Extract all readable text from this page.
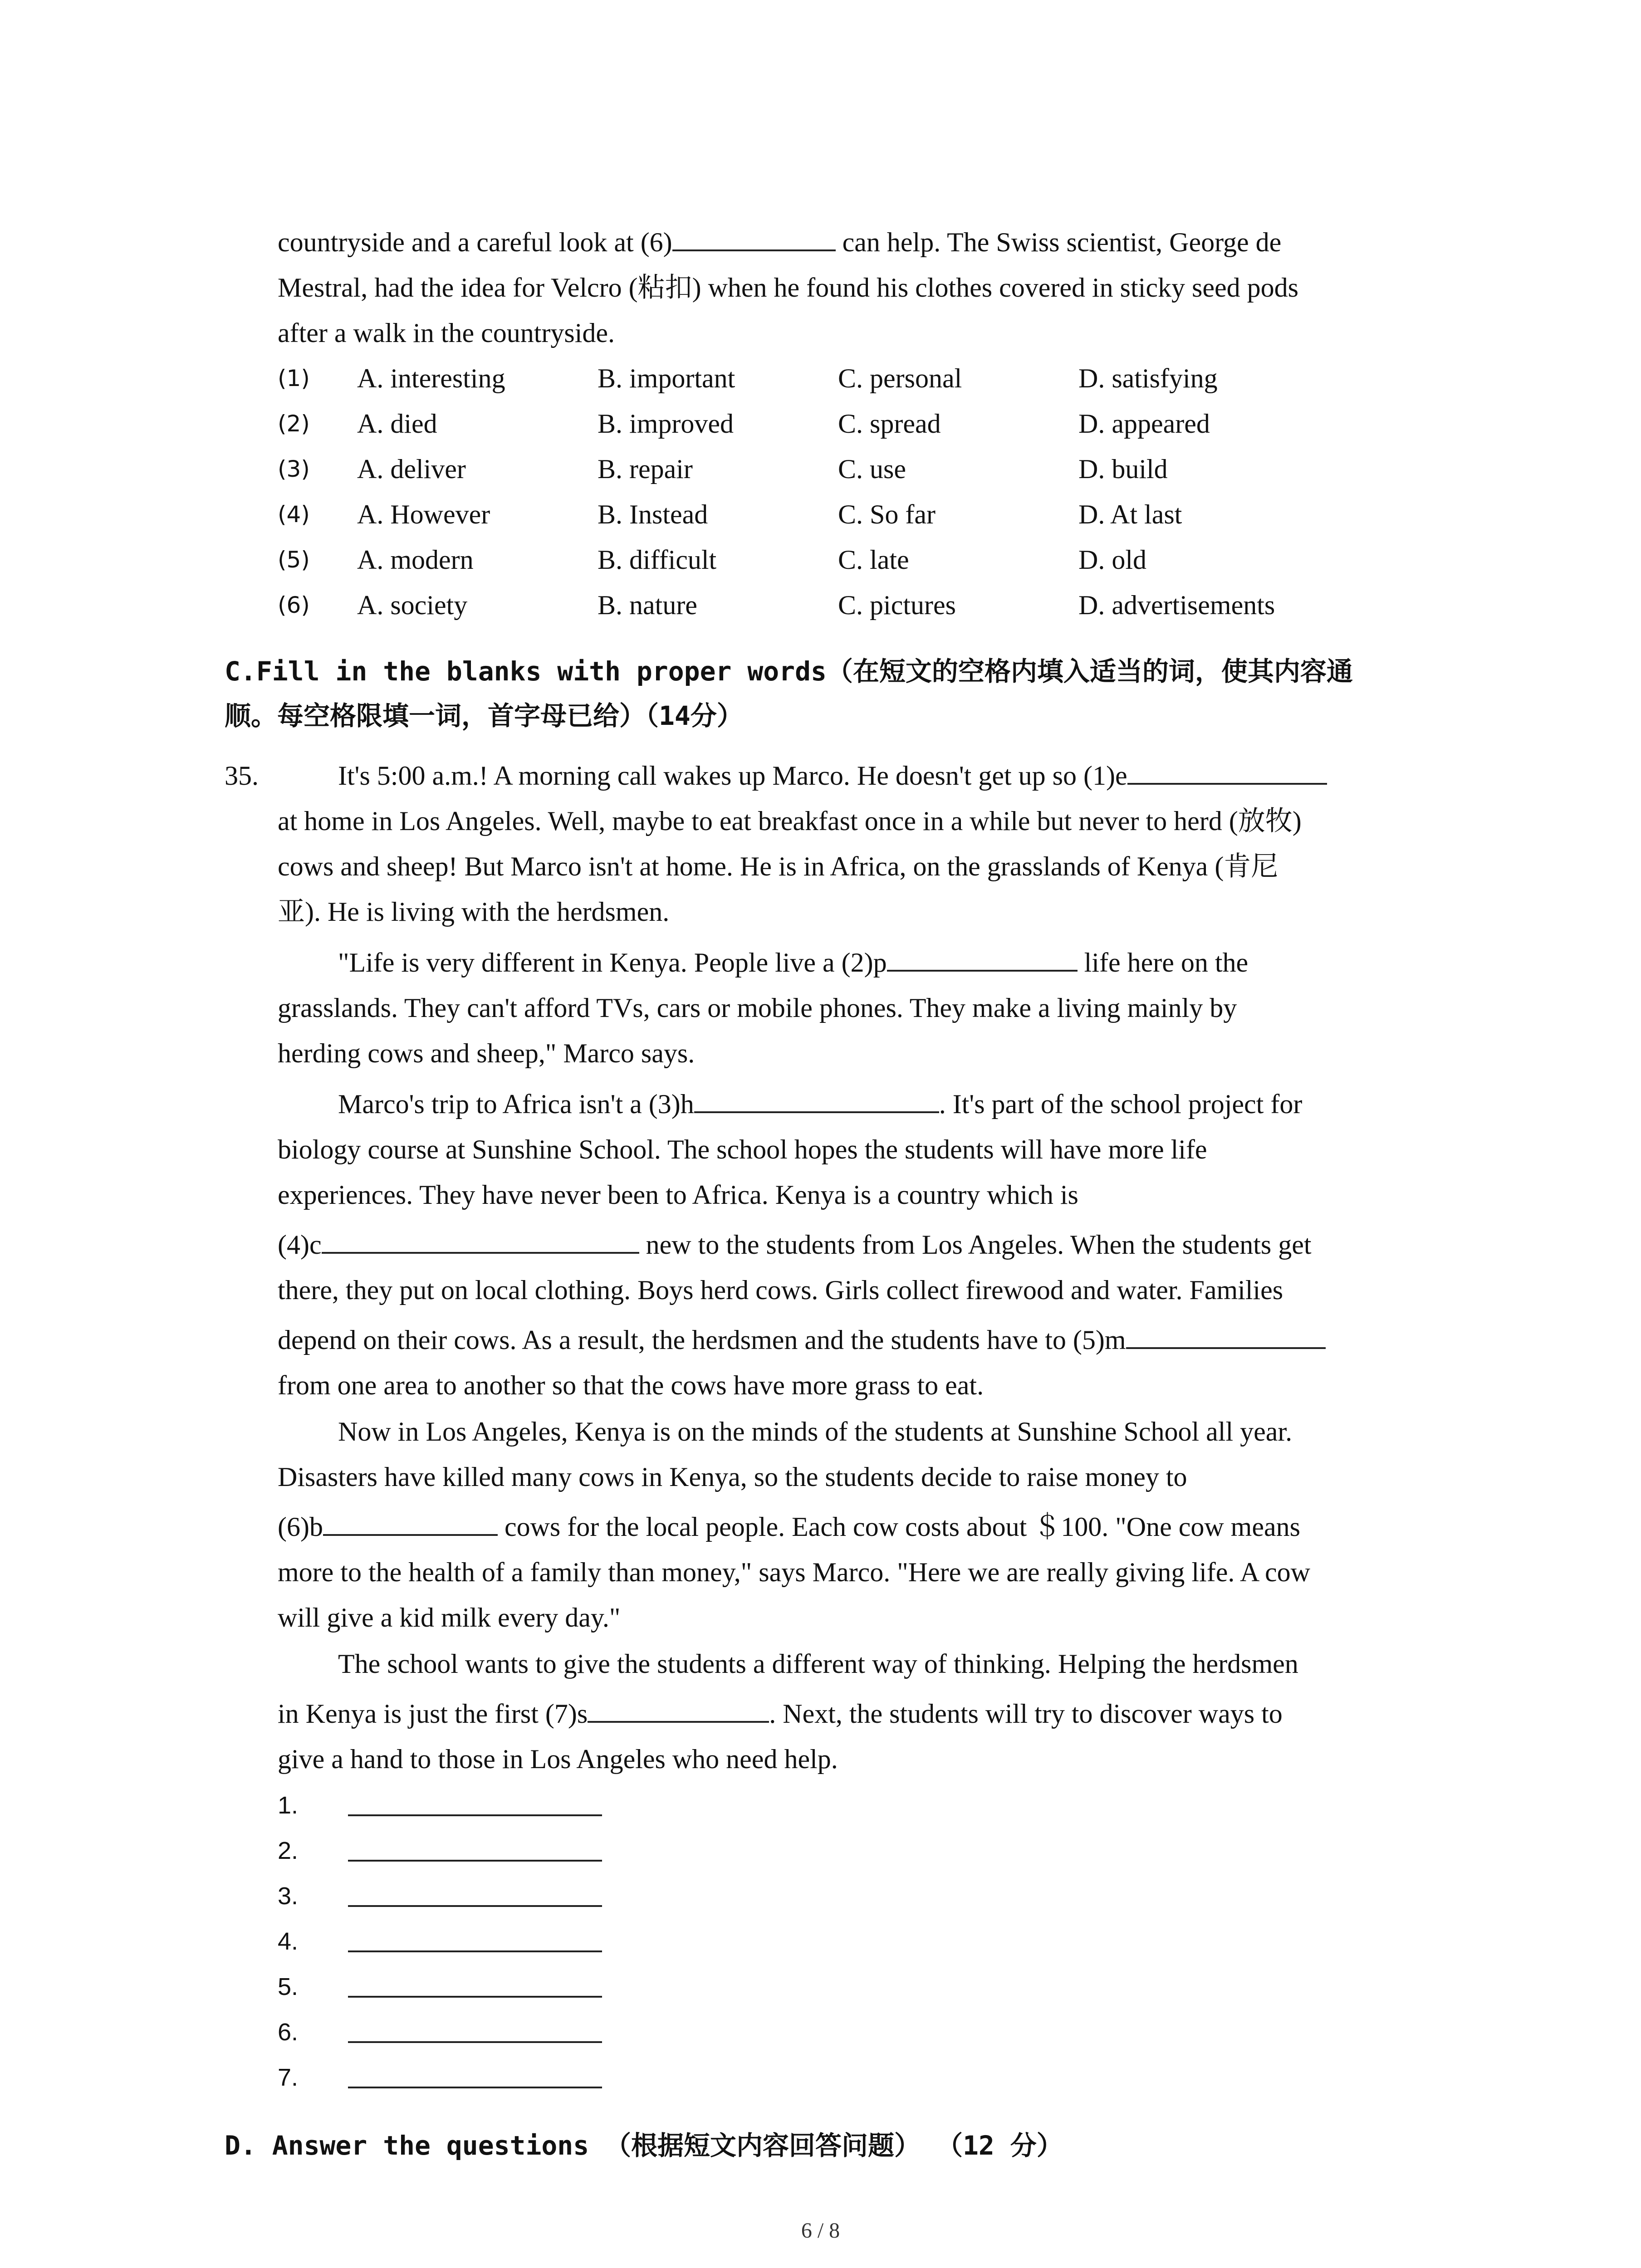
countryside and a careful look at (6)	can help. The Swiss scientist, George de
Mestral, had the idea for Velcro (粘扣) when he found his clothes covered in sticky seed pods
after a walk in the countryside.
(1) A. interesting	B. important	C. personal	D. satisfying
(2) A. died	B. improved	C. spread	D. appeared
(3) A. deliver	B. repair	C. use	D. build
(4) A. However	B. Instead	C. So far	D. At last
(5) A. modern	B. difficult	C. late	D. old
(6) A. society	B. nature	C. pictures	D. advertisements
C.Fill in the blanks with proper words（在短文的空格内填入适当的词，使其内容通
顺。每空格限填一词，首字母已给）（14分）
35.	It's 5:00 a.m.! A morning call wakes up Marco. He doesn't get up so (1)e
at home in Los Angeles. Well, maybe to eat breakfast once in a while but never to herd (放牧)
cows and sheep! But Marco isn't at home. He is in Africa, on the grasslands of Kenya (肯尼
亚). He is living with the herdsmen.
"Life is very different in Kenya. People live a (2)p	life here on the
grasslands. They can't afford TVs, cars or mobile phones. They make a living mainly by
herding cows and sheep," Marco says.
Marco's trip to Africa isn't a (3)h	. It's part of the school project for
biology course at Sunshine School. The school hopes the students will have more life
experiences. They have never been to Africa. Kenya is a country which is
(4)c	new to the students from Los Angeles. When the students get
there, they put on local clothing. Boys herd cows. Girls collect firewood and water. Families
depend on their cows. As a result, the herdsmen and the students have to (5)m
from one area to another so that the cows have more grass to eat.
Now in Los Angeles, Kenya is on the minds of the students at Sunshine School all year.
Disasters have killed many cows in Kenya, so the students decide to raise money to
(6)b	cows for the local people. Each cow costs about ＄100. "One cow means
more to the health of a family than money," says Marco. "Here we are really giving life. A cow
will give a kid milk every day."
The school wants to give the students a different way of thinking. Helping the herdsmen
in Kenya is just the first (7)s	. Next, the students will try to discover ways to
give a hand to those in Los Angeles who need help.
1.
2.
3.
4.
5.
6.
7.
D. Answer the questions （根据短文内容回答问题） （12 分）
6 / 8
